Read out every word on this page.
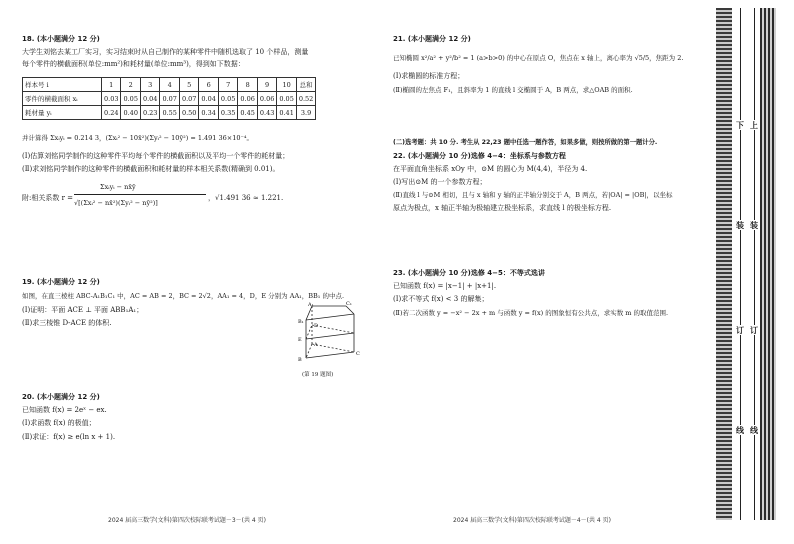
18. (本小题满分 12 分)
大学生刘铭去某工厂实习，实习结束时从自己制作的某种零件中随机选取了 10 个样品，测量
每个零件的横截面积(单位:mm²)和耗材量(单位:mm³)，得到如下数据：
样本号 i	1	2	3	4	5	6	7	8	9	10	总和
零件的横截面积 xᵢ	0.03	0.05	0.04	0.07	0.07	0.04	0.05	0.06	0.06	0.05	0.52
耗材量 yᵢ	0.24	0.40	0.23	0.55	0.50	0.34	0.35	0.45	0.43	0.41	3.9
并计算得 Σxᵢyᵢ = 0.214 3，(Σxᵢ² − 10x̄²)(Σyᵢ² − 10ȳ²) = 1.491 36×10⁻⁴。
(Ⅰ)估算刘铭同学制作的这种零件平均每个零件的横截面积以及平均一个零件的耗材量；
(Ⅱ)求刘铭同学制作的这种零件的横截面积和耗材量的样本相关系数(精确到 0.01)。
附:相关系数 r =
Σxᵢyᵢ − nx̄ȳ
√[(Σxᵢ² − nx̄²)(Σyᵢ² − nȳ²)]
，√1.491 36 ≈ 1.221.
19. (本小题满分 12 分)
如图，在直三棱柱 ABC-A₁B₁C₁ 中，AC = AB = 2，BC = 2√2，AA₁ = 4，D，E 分别为 AA₁，BB₁ 的中点.
(Ⅰ)证明：平面 ACE ⊥ 平面 ABB₁A₁；
(Ⅱ)求三棱锥 D-ACE 的体积.
A₁	C₁
B₁
E
D
A
C
B
(第 19 题图)
20. (本小题满分 12 分)
已知函数 f(x) = 2eˣ − ex.
(Ⅰ)求函数 f(x) 的极值；
(Ⅱ)求证：f(x) ≥ e(ln x + 1).
2024 届高三数学(文科)第四次校际联考试题－3－(共 4 页)
21. (本小题满分 12 分)
已知椭圆 x²/a² + y²/b² = 1 (a>b>0) 的中心在原点 O，焦点在 x 轴上，离心率为 √5/5，焦距为 2.
(Ⅰ)求椭圆的标准方程；
(Ⅱ)椭圆的左焦点 F₁，且斜率为 1 的直线 l 交椭圆于 A，B 两点，求△OAB 的面积.
(二)选考题：共 10 分. 考生从 22,23 题中任选一题作答，如果多做，则按所做的第一题计分.
22. (本小题满分 10 分)选修 4−4：坐标系与参数方程
在平面直角坐标系 xOy 中，⊙M 的圆心为 M(4,4)，半径为 4.
(Ⅰ)写出⊙M 的一个参数方程；
(Ⅱ)直线 l 与⊙M 相切，且与 x 轴和 y 轴的正半轴分别交于 A，B 两点，若|OA| = |OB|，以坐标
原点为极点，x 轴正半轴为极轴建立极坐标系，求直线 l 的极坐标方程.
23. (本小题满分 10 分)选修 4−5：不等式选讲
已知函数 f(x) = |x−1| + |x+1|.
(Ⅰ)求不等式 f(x) < 3 的解集；
(Ⅱ)若二次函数 y = −x² − 2x + m 与函数 y = f(x) 的图象恒有公共点，求实数 m 的取值范围.
2024 届高三数学(文科)第四次校际联考试题－4－(共 4 页)
下
装
订
线
上
装
订
线
